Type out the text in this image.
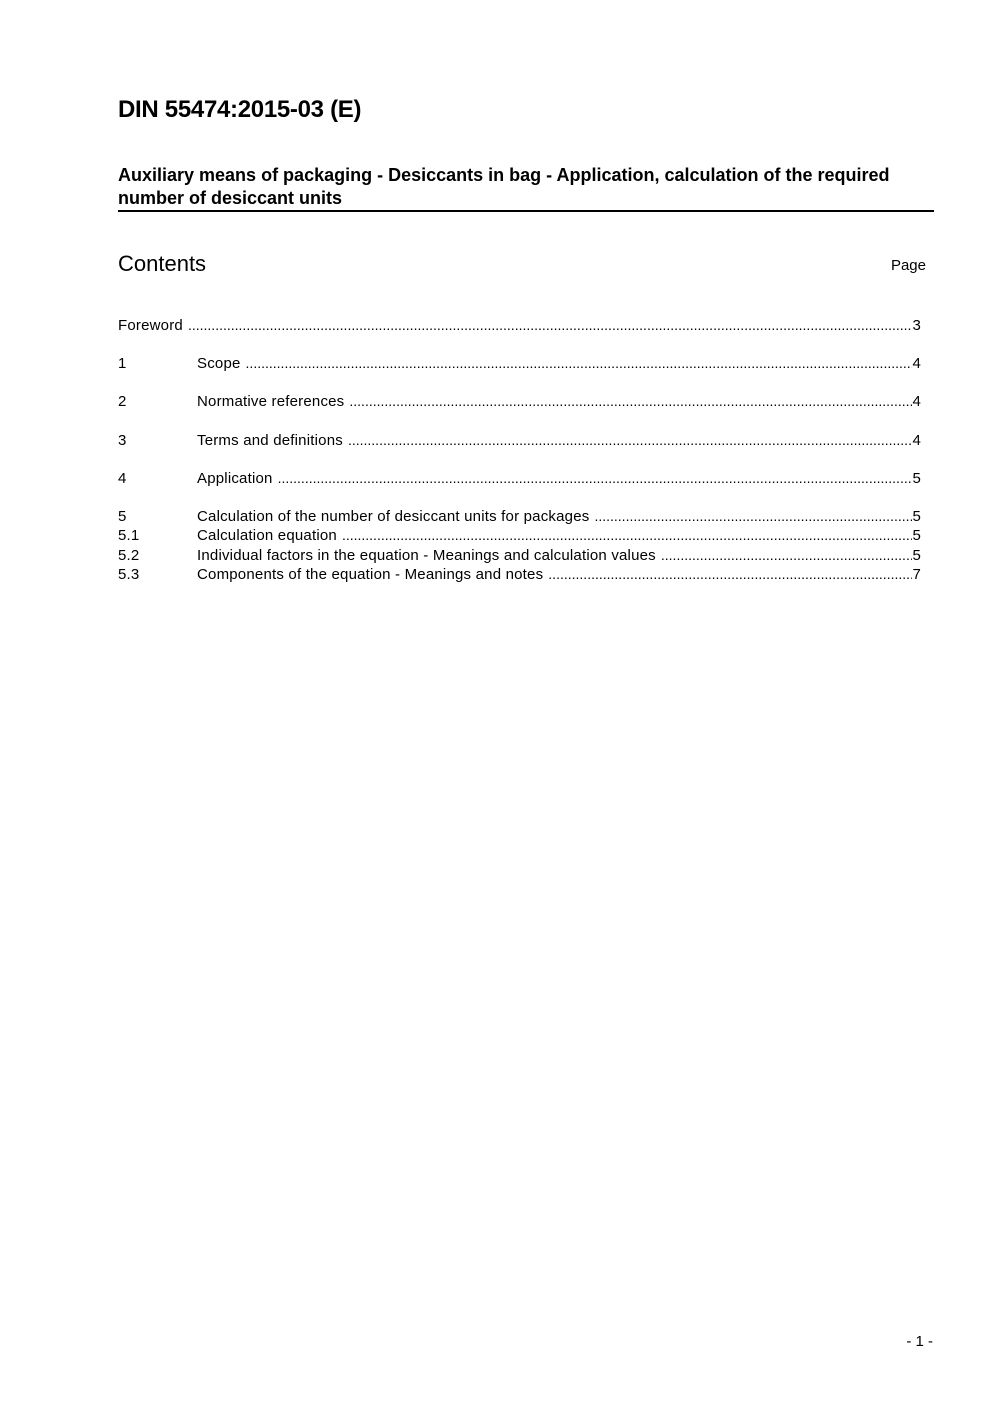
DIN 55474:2015-03 (E)
Auxiliary means of packaging - Desiccants in bag - Application, calculation of the required number of desiccant units
Contents	Page
Foreword .....	3
1	Scope .....	4
2	Normative references .....	4
3	Terms and definitions .....	4
4	Application .....	5
5	Calculation of the number of desiccant units for packages .....	5
5.1	Calculation equation .....	5
5.2	Individual factors in the equation - Meanings and calculation values .....	5
5.3	Components of the equation - Meanings and notes .....	7
- 1 -
